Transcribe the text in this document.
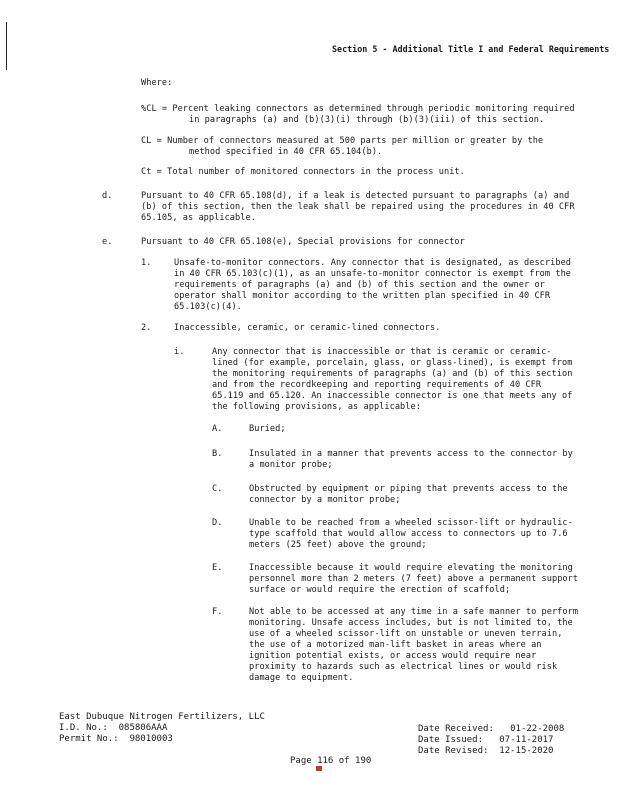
Section 5 - Additional Title I and Federal Requirements
Where:
%CL = Percent leaking connectors as determined through periodic monitoring required
in paragraphs (a) and (b)(3)(i) through (b)(3)(iii) of this section.
CL = Number of connectors measured at 500 parts per million or greater by the
method specified in 40 CFR 65.104(b).
Ct = Total number of monitored connectors in the process unit.
d.	Pursuant to 40 CFR 65.108(d), if a leak is detected pursuant to paragraphs (a) and
(b) of this section, then the leak shall be repaired using the procedures in 40 CFR
65.105, as applicable.
e.	Pursuant to 40 CFR 65.108(e), Special provisions for connector
1.	Unsafe-to-monitor connectors. Any connector that is designated, as described
in 40 CFR 65.103(c)(1), as an unsafe-to-monitor connector is exempt from the
requirements of paragraphs (a) and (b) of this section and the owner or
operator shall monitor according to the written plan specified in 40 CFR
65.103(c)(4).
2.	Inaccessible, ceramic, or ceramic-lined connectors.
i.	Any connector that is inaccessible or that is ceramic or ceramic-
lined (for example, porcelain, glass, or glass-lined), is exempt from
the monitoring requirements of paragraphs (a) and (b) of this section
and from the recordkeeping and reporting requirements of 40 CFR
65.119 and 65.120. An inaccessible connector is one that meets any of
the following provisions, as applicable:
A.	Buried;
B.	Insulated in a manner that prevents access to the connector by
a monitor probe;
C.	Obstructed by equipment or piping that prevents access to the
connector by a monitor probe;
D.	Unable to be reached from a wheeled scissor-lift or hydraulic-
type scaffold that would allow access to connectors up to 7.6
meters (25 feet) above the ground;
E.	Inaccessible because it would require elevating the monitoring
personnel more than 2 meters (7 feet) above a permanent support
surface or would require the erection of scaffold;
F.	Not able to be accessed at any time in a safe manner to perform
monitoring. Unsafe access includes, but is not limited to, the
use of a wheeled scissor-lift on unstable or uneven terrain,
the use of a motorized man-lift basket in areas where an
ignition potential exists, or access would require near
proximity to hazards such as electrical lines or would risk
damage to equipment.
East Dubuque Nitrogen Fertilizers, LLC
I.D. No.:  085806AAA
Permit No.:  98010003
Date Received:   01-22-2008
Date Issued:   07-11-2017
Date Revised:  12-15-2020
Page 116 of 190
